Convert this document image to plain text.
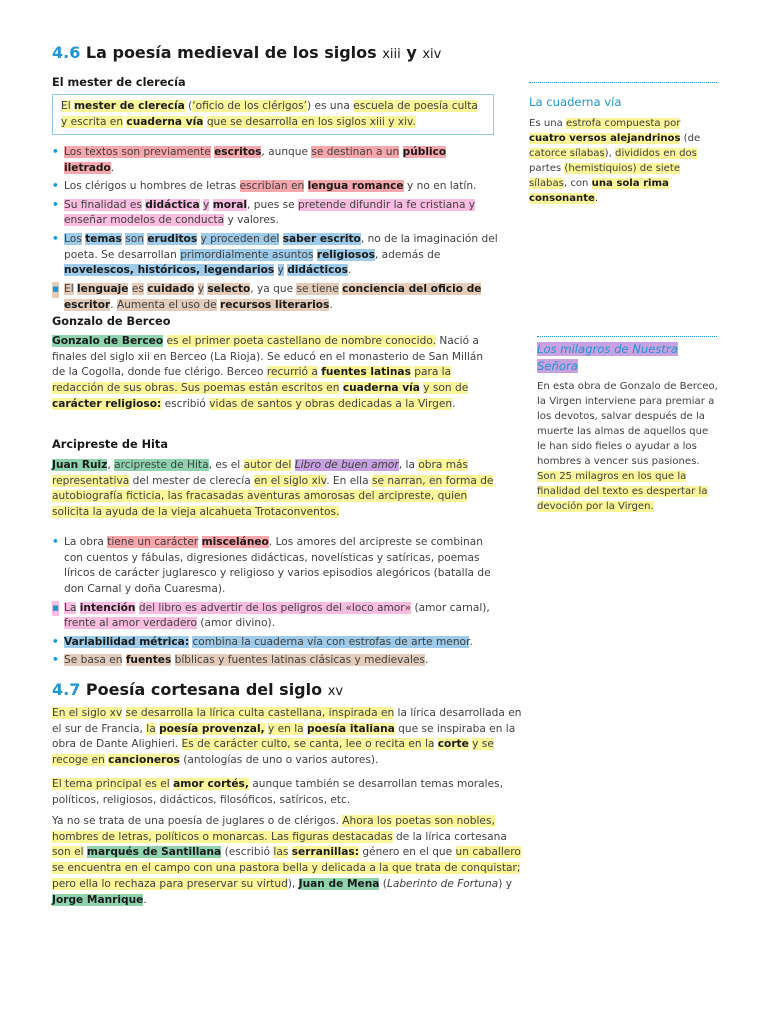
4.6 La poesía medieval de los siglos xiii y xiv
El mester de clerecía
El mester de clerecía (‘oficio de los clérigos’) es una escuela de poesía culta y escrita en cuaderna vía que se desarrolla en los siglos xiii y xiv.
• Los textos son previamente escritos, aunque se destinan a un público iletrado.
• Los clérigos u hombres de letras escribían en lengua romance y no en latín.
• Su finalidad es didáctica y moral, pues se pretende difundir la fe cristiana y enseñar modelos de conducta y valores.
• Los temas son eruditos y proceden del saber escrito, no de la imaginación del poeta. Se desarrollan primordialmente asuntos religiosos, además de novelescos, históricos, legendarios y didácticos.
▪ El lenguaje es cuidado y selecto, ya que se tiene conciencia del oficio de escritor. Aumenta el uso de recursos literarios.
La cuaderna vía
Es una estrofa compuesta por cuatro versos alejandrinos (de catorce sílabas), divididos en dos partes (hemistiquios) de siete sílabas, con una sola rima consonante.
Gonzalo de Berceo
Gonzalo de Berceo es el primer poeta castellano de nombre conocido. Nació a finales del siglo xii en Berceo (La Rioja). Se educó en el monasterio de San Millán de la Cogolla, donde fue clérigo. Berceo recurrió a fuentes latinas para la redacción de sus obras. Sus poemas están escritos en cuaderna vía y son de carácter religioso: escribió vidas de santos y obras dedicadas a la Virgen.
Los milagros de Nuestra Señora
En esta obra de Gonzalo de Berceo, la Virgen interviene para premiar a los devotos, salvar después de la muerte las almas de aquellos que le han sido fieles o ayudar a los hombres a vencer sus pasiones. Son 25 milagros en los que la finalidad del texto es despertar la devoción por la Virgen.
Arcipreste de Hita
Juan Ruiz, arcipreste de Hita, es el autor del Libro de buen amor, la obra más representativa del mester de clerecía en el siglo xiv. En ella se narran, en forma de autobiografía ficticia, las fracasadas aventuras amorosas del arcipreste, quien solicita la ayuda de la vieja alcahueta Trotaconventos.
• La obra tiene un carácter misceláneo. Los amores del arcipreste se combinan con cuentos y fábulas, digresiones didácticas, novelísticas y satíricas, poemas líricos de carácter juglaresco y religioso y varios episodios alegóricos (batalla de don Carnal y doña Cuaresma).
▪ La intención del libro es advertir de los peligros del «loco amor» (amor carnal), frente al amor verdadero (amor divino).
• Variabilidad métrica: combina la cuaderna vía con estrofas de arte menor.
• Se basa en fuentes bíblicas y fuentes latinas clásicas y medievales.
4.7 Poesía cortesana del siglo xv
En el siglo xv se desarrolla la lírica culta castellana, inspirada en la lírica desarrollada en el sur de Francia, la poesía provenzal, y en la poesía italiana que se inspiraba en la obra de Dante Alighieri. Es de carácter culto, se canta, lee o recita en la corte y se recoge en cancioneros (antologías de uno o varios autores).
El tema principal es el amor cortés, aunque también se desarrollan temas morales, políticos, religiosos, didácticos, filosóficos, satíricos, etc.
Ya no se trata de una poesía de juglares o de clérigos. Ahora los poetas son nobles, hombres de letras, políticos o monarcas. Las figuras destacadas de la lírica cortesana son el marqués de Santillana (escribió las serranillas: género en el que un caballero se encuentra en el campo con una pastora bella y delicada a la que trata de conquistar; pero ella lo rechaza para preservar su virtud), Juan de Mena (Laberinto de Fortuna) y Jorge Manrique.
